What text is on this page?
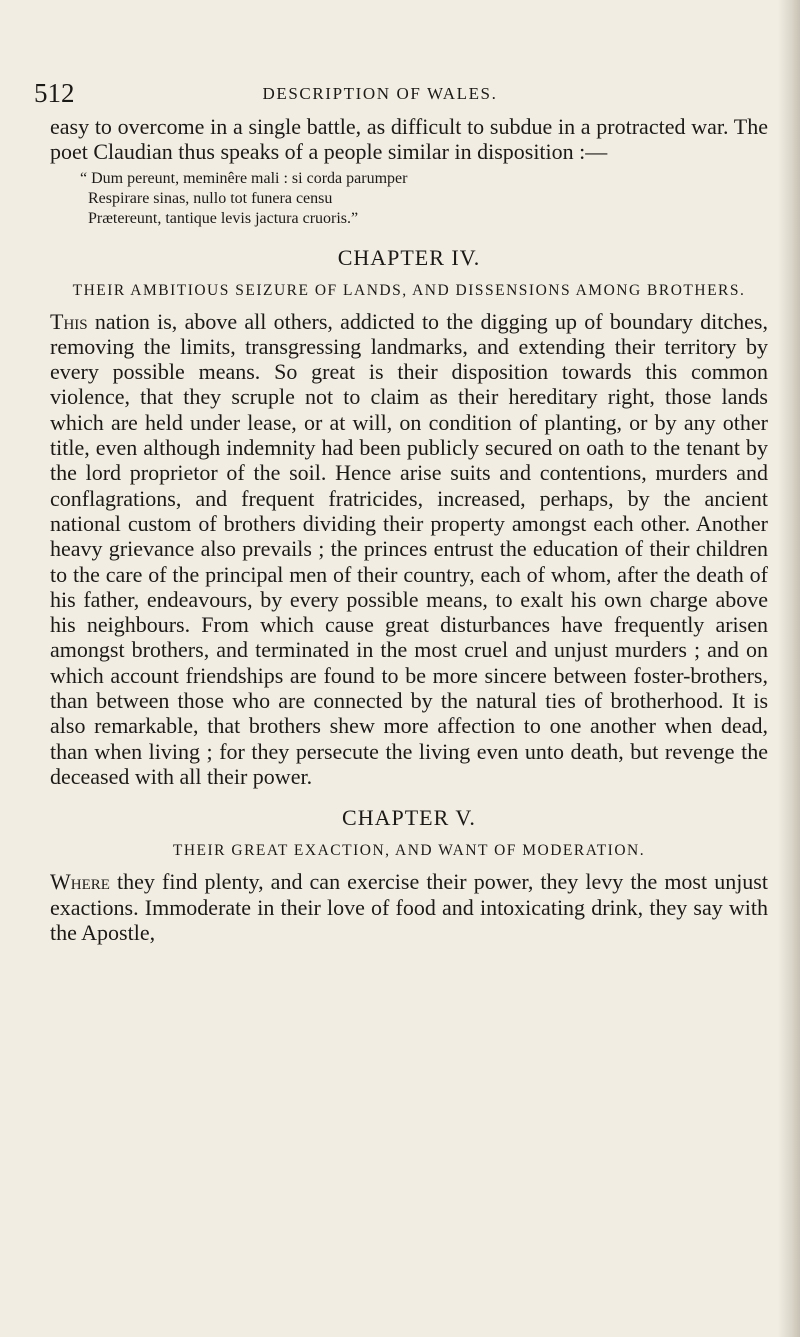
512	DESCRIPTION OF WALES.

easy to overcome in a single battle, as difficult to subdue in a protracted war. The poet Claudian thus speaks of a people similar in disposition :—

“ Dum pereunt, meminêre mali : si corda parumper
Respirare sinas, nullo tot funera censu
Prætereunt, tantique levis jactura cruoris.”
CHAPTER IV.
THEIR AMBITIOUS SEIZURE OF LANDS, AND DISSENSIONS AMONG BROTHERS.

This nation is, above all others, addicted to the digging up of boundary ditches, removing the limits, transgressing landmarks, and extending their territory by every possible means. So great is their disposition towards this common violence, that they scruple not to claim as their hereditary right, those lands which are held under lease, or at will, on condition of planting, or by any other title, even although indemnity had been publicly secured on oath to the tenant by the lord proprietor of the soil. Hence arise suits and contentions, murders and conflagrations, and frequent fratricides, increased, perhaps, by the ancient national custom of brothers dividing their property amongst each other. Another heavy grievance also prevails ; the princes entrust the education of their children to the care of the principal men of their country, each of whom, after the death of his father, endeavours, by every possible means, to exalt his own charge above his neighbours. From which cause great disturbances have frequently arisen amongst brothers, and terminated in the most cruel and unjust murders ; and on which account friendships are found to be more sincere between foster-brothers, than between those who are connected by the natural ties of brotherhood. It is also remarkable, that brothers shew more affection to one another when dead, than when living ; for they persecute the living even unto death, but revenge the deceased with all their power.

CHAPTER V.
THEIR GREAT EXACTION, AND WANT OF MODERATION.

Where they find plenty, and can exercise their power, they levy the most unjust exactions. Immoderate in their love of food and intoxicating drink, they say with the Apostle,
